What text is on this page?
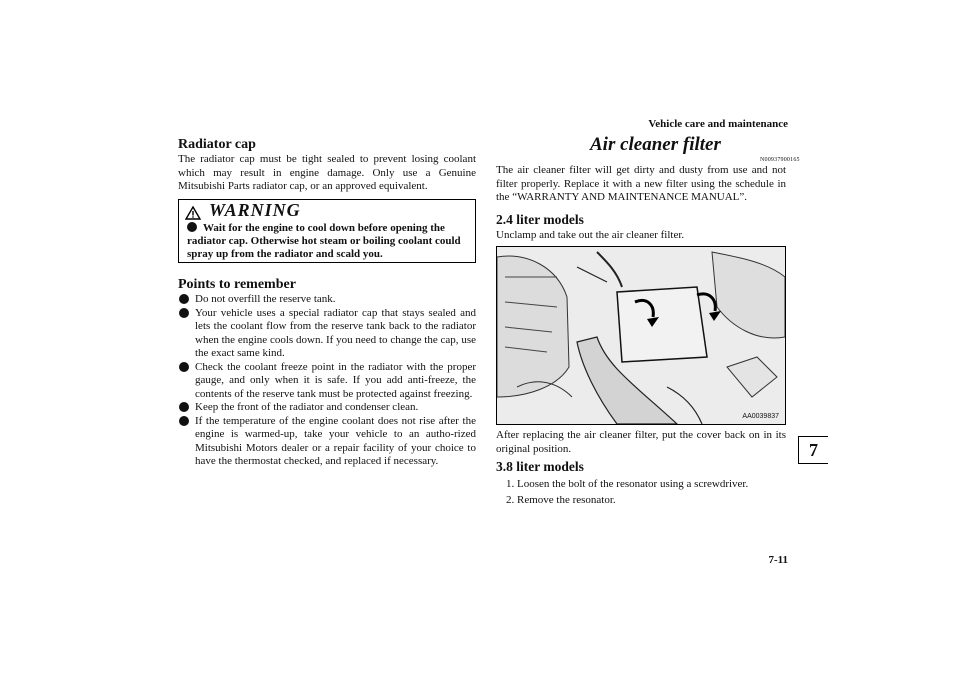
Vehicle care and maintenance
Radiator cap
The radiator cap must be tight sealed to prevent losing coolant which may result in engine damage. Only use a Genuine Mitsubishi Parts radiator cap, or an approved equivalent.
WARNING
Wait for the engine to cool down before opening the radiator cap. Otherwise hot steam or boiling coolant could spray up from the radiator and scald you.
Points to remember
Do not overfill the reserve tank.
Your vehicle uses a special radiator cap that stays sealed and lets the coolant flow from the reserve tank back to the radiator when the engine cools down. If you need to change the cap, use the exact same kind.
Check the coolant freeze point in the radiator with the proper gauge, and only when it is safe. If you add anti-freeze, the contents of the reserve tank must be protected against freezing.
Keep the front of the radiator and condenser clean.
If the temperature of the engine coolant does not rise after the engine is warmed-up, take your vehicle to an autho-rized Mitsubishi Motors dealer or a repair facility of your choice to have the thermostat checked, and replaced if necessary.
Air cleaner filter
N00937900165
The air cleaner filter will get dirty and dusty from use and not filter properly. Replace it with a new filter using the schedule in the “WARRANTY AND MAINTENANCE MANUAL”.
2.4 liter models
Unclamp and take out the air cleaner filter.
AA0039837
After replacing the air cleaner filter, put the cover back on in its original position.
3.8 liter models
1. Loosen the bolt of the resonator using a screwdriver.
2. Remove the resonator.
7
7-11
